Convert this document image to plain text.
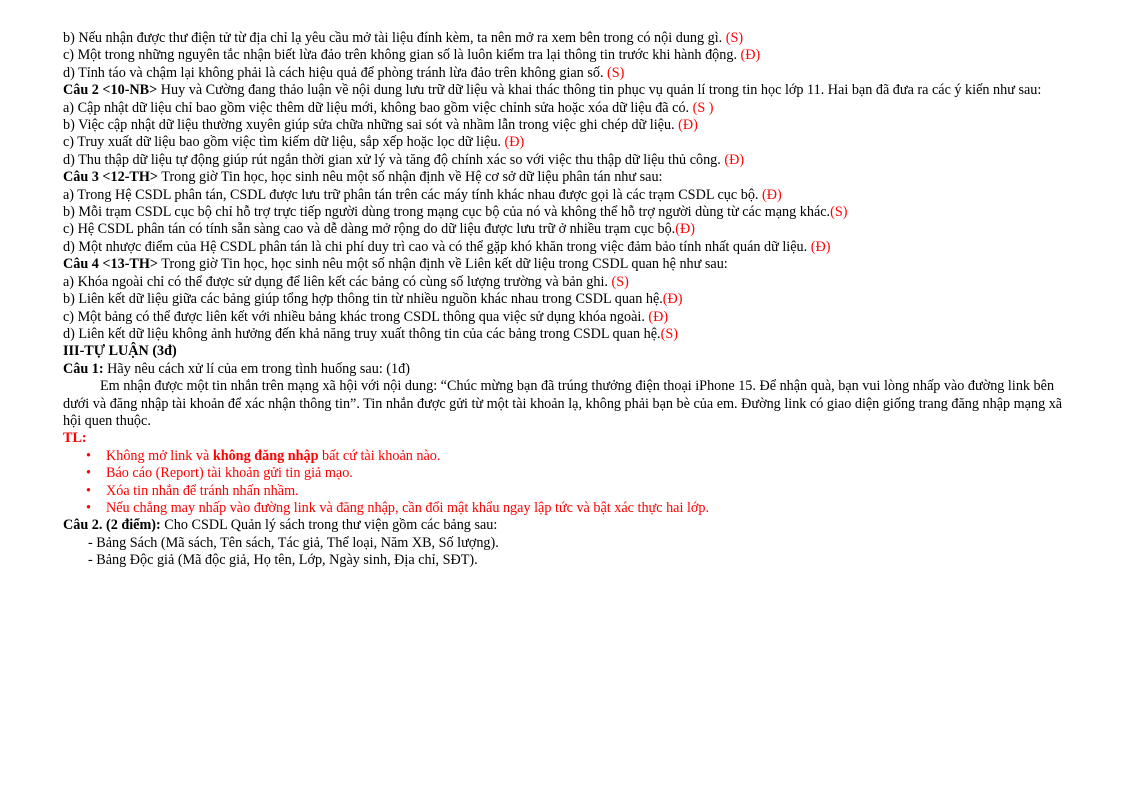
b) Nếu nhận được thư điện tử từ địa chỉ lạ yêu cầu mở tài liệu đính kèm, ta nên mở ra xem bên trong có nội dung gì. (S)
c) Một trong những nguyên tắc nhận biết lừa đảo trên không gian số là luôn kiểm tra lại thông tin trước khi hành động. (Đ)
d) Tỉnh táo và chậm lại không phải là cách hiệu quả để phòng tránh lừa đảo trên không gian số. (S)
Câu 2 <10-NB> Huy và Cường đang thảo luận về nội dung lưu trữ dữ liệu và khai thác thông tin phục vụ quản lí trong tin học lớp 11. Hai bạn đã đưa ra các ý kiến như sau:
a) Cập nhật dữ liệu chỉ bao gồm việc thêm dữ liệu mới, không bao gồm việc chỉnh sửa hoặc xóa dữ liệu đã có. (S )
b) Việc cập nhật dữ liệu thường xuyên giúp sửa chữa những sai sót và nhầm lẫn trong việc ghi chép dữ liệu. (Đ)
c) Truy xuất dữ liệu bao gồm việc tìm kiếm dữ liệu, sắp xếp hoặc lọc dữ liệu. (Đ)
d) Thu thập dữ liệu tự động giúp rút ngắn thời gian xử lý và tăng độ chính xác so với việc thu thập dữ liệu thủ công. (Đ)
Câu 3 <12-TH> Trong giờ Tin học, học sinh nêu một số nhận định về Hệ cơ sở dữ liệu phân tán như sau:
a) Trong Hệ CSDL phân tán, CSDL được lưu trữ phân tán trên các máy tính khác nhau được gọi là các trạm CSDL cục bộ. (Đ)
b) Mỗi trạm CSDL cục bộ chỉ hỗ trợ trực tiếp người dùng trong mạng cục bộ của nó và không thể hỗ trợ người dùng từ các mạng khác.(S)
c) Hệ CSDL phân tán có tính sẵn sàng cao và dễ dàng mở rộng do dữ liệu được lưu trữ ở nhiều trạm cục bộ.(Đ)
d) Một nhược điểm của Hệ CSDL phân tán là chi phí duy trì cao và có thể gặp khó khăn trong việc đảm bảo tính nhất quán dữ liệu. (Đ)
Câu 4 <13-TH> Trong giờ Tin học, học sinh nêu một số nhận định về Liên kết dữ liệu trong CSDL quan hệ như sau:
a) Khóa ngoài chỉ có thể được sử dụng để liên kết các bảng có cùng số lượng trường và bản ghi. (S)
b) Liên kết dữ liệu giữa các bảng giúp tổng hợp thông tin từ nhiều nguồn khác nhau trong CSDL quan hệ.(Đ)
c) Một bảng có thể được liên kết với nhiều bảng khác trong CSDL thông qua việc sử dụng khóa ngoài. (Đ)
d) Liên kết dữ liệu không ảnh hưởng đến khả năng truy xuất thông tin của các bảng trong CSDL quan hệ.(S)
III-TỰ LUẬN (3đ)
Câu 1: Hãy nêu cách xử lí của em trong tình huống sau: (1đ)
Em nhận được một tin nhắn trên mạng xã hội với nội dung: “Chúc mừng bạn đã trúng thưởng điện thoại iPhone 15. Để nhận quà, bạn vui lòng nhấp vào đường link bên dưới và đăng nhập tài khoản để xác nhận thông tin”. Tin nhắn được gửi từ một tài khoản lạ, không phải bạn bè của em. Đường link có giao diện giống trang đăng nhập mạng xã hội quen thuộc.
TL:
• Không mở link và không đăng nhập bất cứ tài khoản nào.
• Báo cáo (Report) tài khoản gửi tin giả mạo.
• Xóa tin nhắn để tránh nhấn nhầm.
• Nếu chẳng may nhấp vào đường link và đăng nhập, cần đổi mật khẩu ngay lập tức và bật xác thực hai lớp.
Câu 2. (2 điểm): Cho CSDL Quản lý sách trong thư viện gồm các bảng sau:
- Bảng Sách (Mã sách, Tên sách, Tác giả, Thể loại, Năm XB, Số lượng).
- Bảng Độc giả (Mã độc giả, Họ tên, Lớp, Ngày sinh, Địa chỉ, SĐT).
